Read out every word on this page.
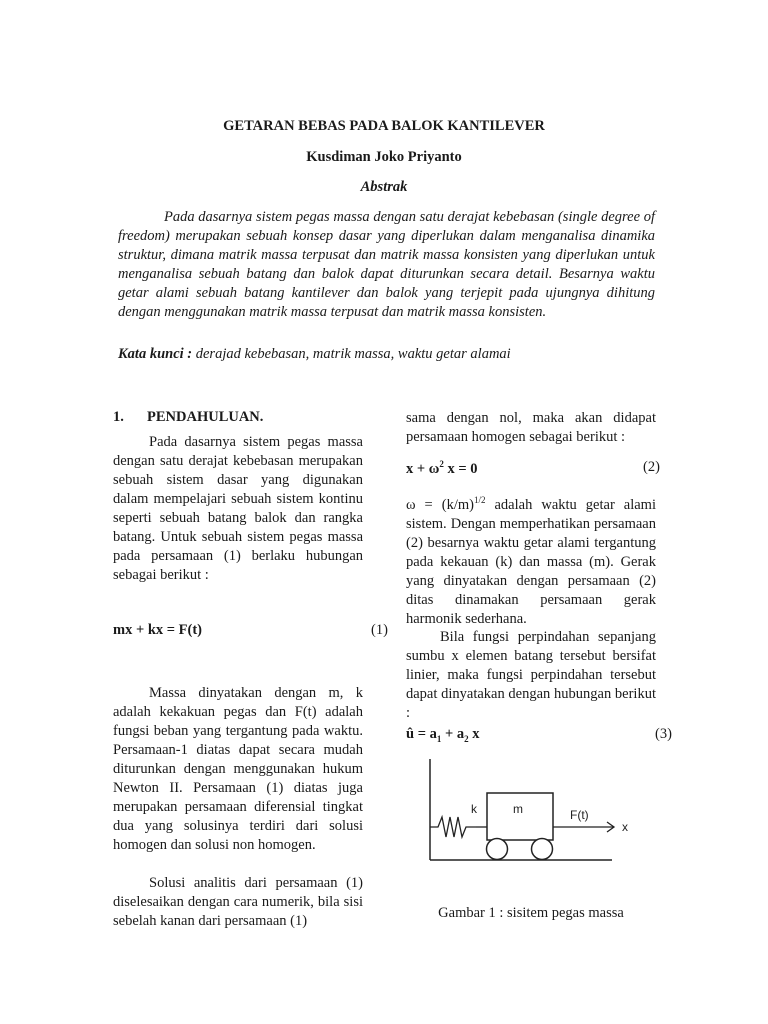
GETARAN BEBAS PADA BALOK KANTILEVER
Kusdiman Joko Priyanto
Abstrak
Pada dasarnya sistem pegas massa dengan satu derajat kebebasan (single degree of freedom) merupakan sebuah konsep dasar yang diperlukan dalam menganalisa dinamika struktur, dimana matrik massa terpusat dan matrik massa konsisten yang diperlukan untuk menganalisa sebuah batang dan balok dapat diturunkan secara detail. Besarnya waktu getar alami sebuah batang kantilever dan balok yang terjepit pada ujungnya dihitung dengan menggunakan matrik massa terpusat dan matrik massa konsisten.
Kata kunci : derajad kebebasan, matrik massa, waktu getar alamai
1. PENDAHULUAN.
Pada dasarnya sistem pegas massa dengan satu derajat kebebasan merupakan sebuah sistem dasar yang digunakan dalam mempelajari sebuah sistem kontinu seperti sebuah batang balok dan rangka batang. Untuk sebuah sistem pegas massa pada persamaan (1) berlaku hubungan sebagai berikut :
mx + kx = F(t)	(1)
Massa dinyatakan dengan m, k adalah kekakuan pegas dan F(t) adalah fungsi beban yang tergantung pada waktu. Persamaan-1 diatas dapat secara mudah diturunkan dengan menggunakan hukum Newton II. Persamaan (1) diatas juga merupakan persamaan diferensial tingkat dua yang solusinya terdiri dari solusi homogen dan solusi non homogen.
Solusi analitis dari persamaan (1) diselesaikan dengan cara numerik, bila sisi sebelah kanan dari persamaan (1)
sama dengan nol, maka akan didapat persamaan homogen sebagai berikut :
$x + \omega^2$ x = 0	(2)
$\omega = (k/m)^{1/2}$ adalah waktu getar alami sistem. Dengan memperhatikan persamaan (2) besarnya waktu getar alami tergantung pada kekauan (k) dan massa (m). Gerak yang dinyatakan dengan persamaan (2) ditas dinamakan persamaan gerak harmonik sederhana.
Bila fungsi perpindahan sepanjang sumbu x elemen batang tersebut bersifat linier, maka fungsi perpindahan tersebut dapat dinyatakan dengan hubungan berikut :
û = $a_1 + a_2$ x	(3)
k	m	F(t)
x
Gambar 1 : sisitem pegas massa
